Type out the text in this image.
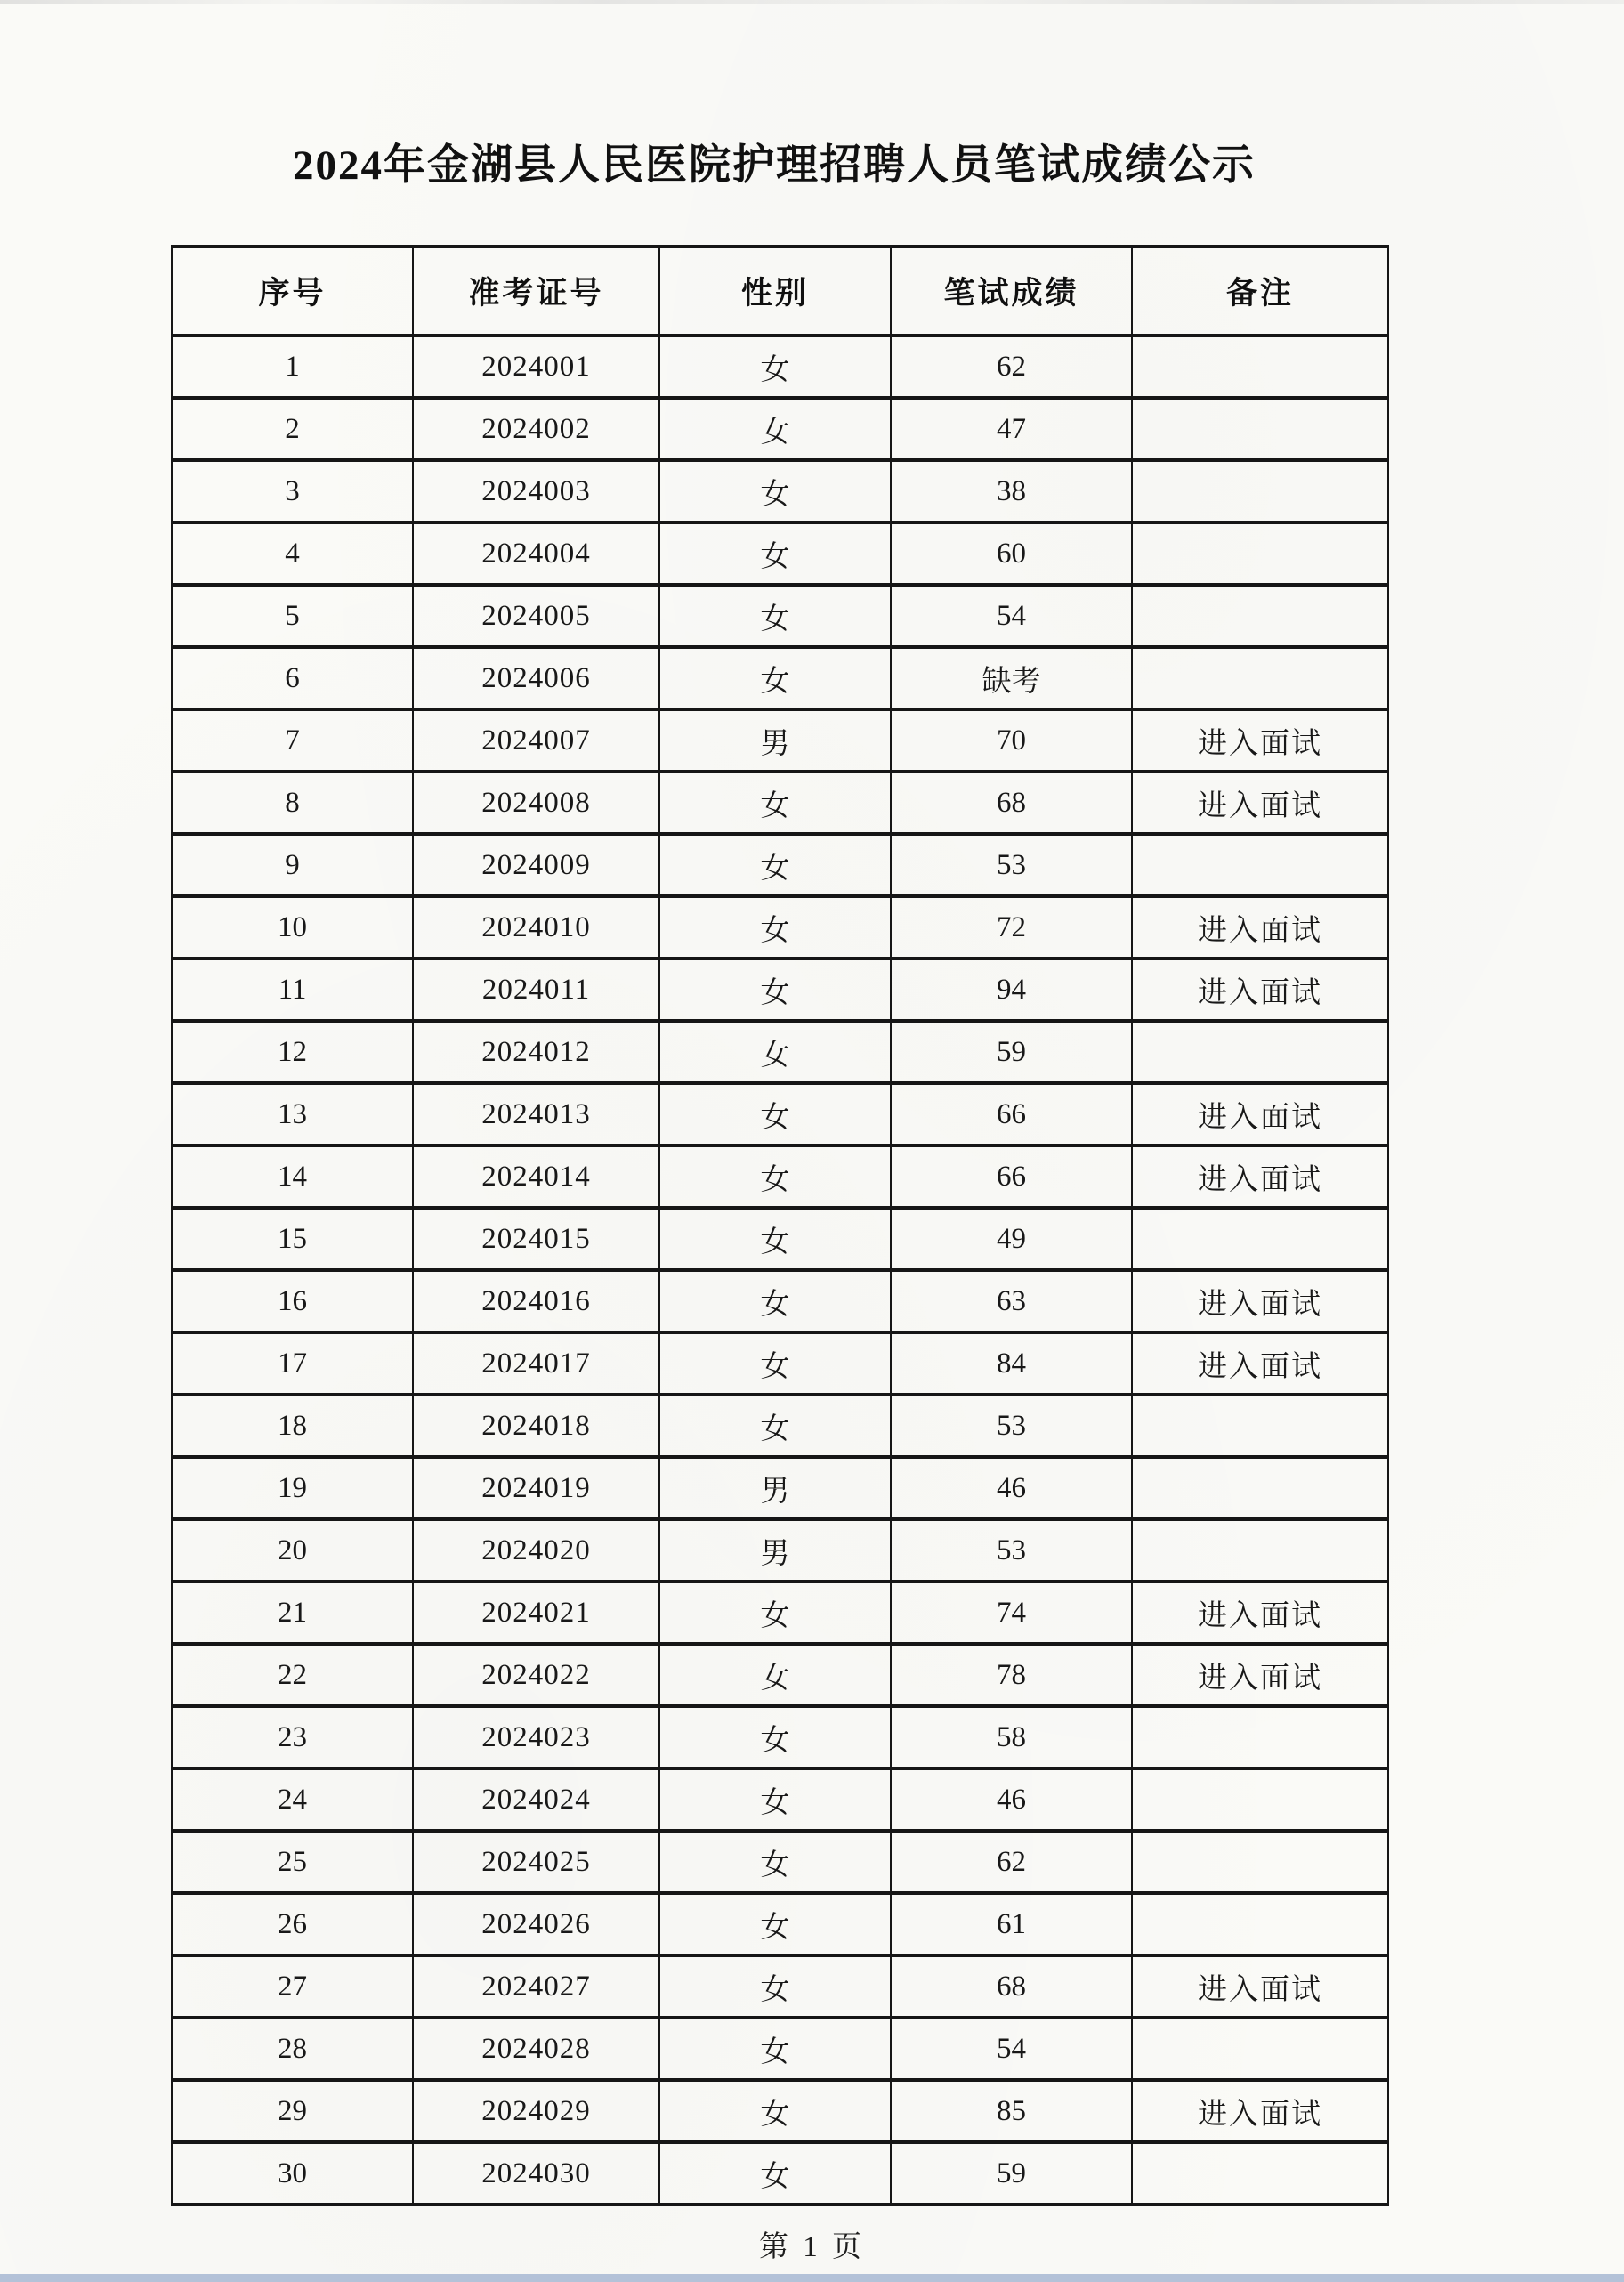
2024年金湖县人民医院护理招聘人员笔试成绩公示
序号	准考证号	性别	笔试成绩	备注
1	2024001	女	62	
2	2024002	女	47	
3	2024003	女	38	
4	2024004	女	60	
5	2024005	女	54	
6	2024006	女	缺考	
7	2024007	男	70	进入面试
8	2024008	女	68	进入面试
9	2024009	女	53	
10	2024010	女	72	进入面试
11	2024011	女	94	进入面试
12	2024012	女	59	
13	2024013	女	66	进入面试
14	2024014	女	66	进入面试
15	2024015	女	49	
16	2024016	女	63	进入面试
17	2024017	女	84	进入面试
18	2024018	女	53	
19	2024019	男	46	
20	2024020	男	53	
21	2024021	女	74	进入面试
22	2024022	女	78	进入面试
23	2024023	女	58	
24	2024024	女	46	
25	2024025	女	62	
26	2024026	女	61	
27	2024027	女	68	进入面试
28	2024028	女	54	
29	2024029	女	85	进入面试
30	2024030	女	59	
第 1 页
